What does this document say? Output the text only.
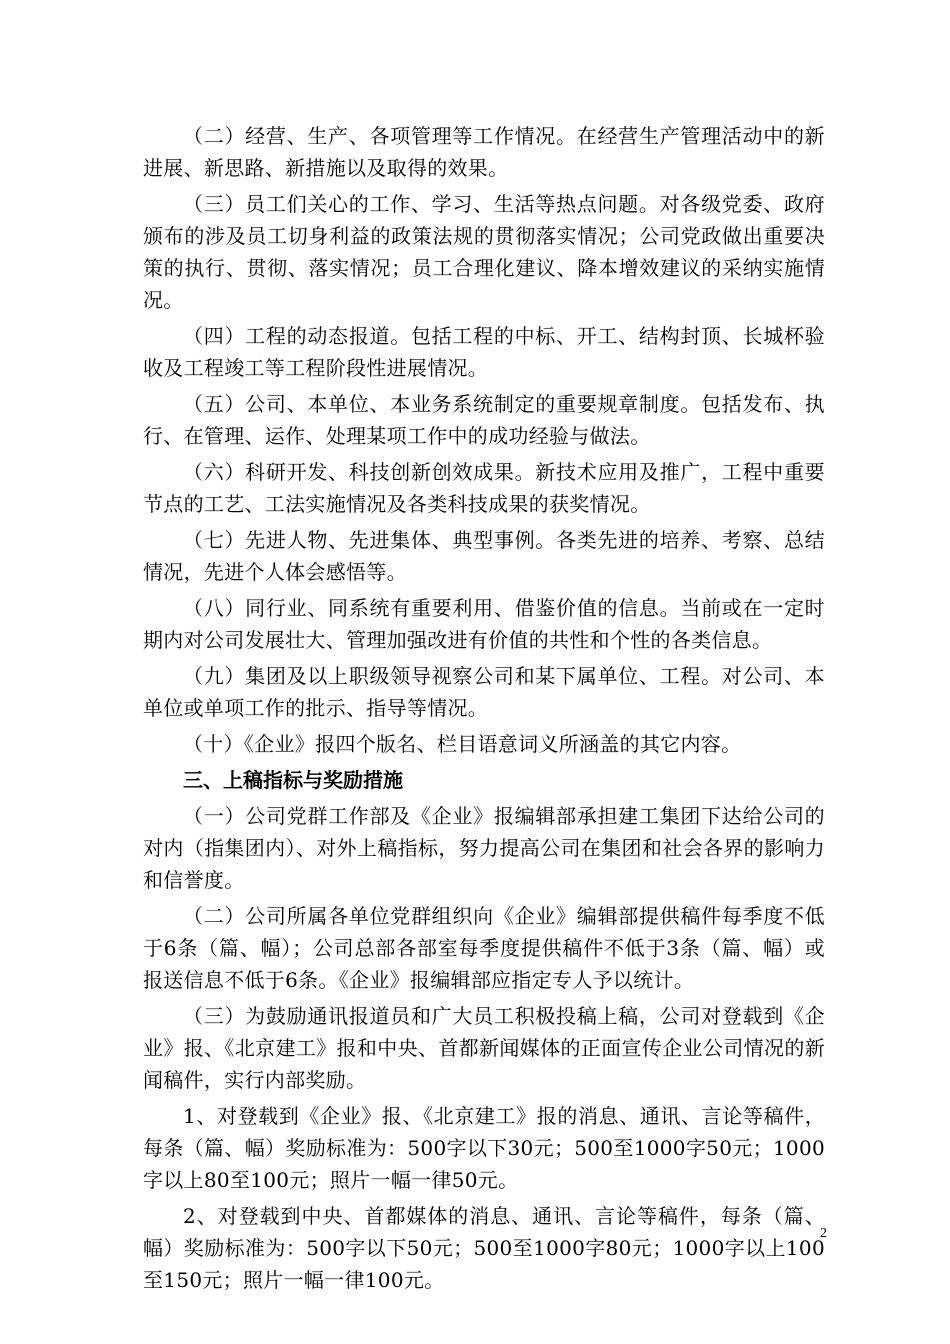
（二）经营、生产、各项管理等工作情况。在经营生产管理活动中的新进展、新思路、新措施以及取得的效果。

（三）员工们关心的工作、学习、生活等热点问题。对各级党委、政府颁布的涉及员工切身利益的政策法规的贯彻落实情况；公司党政做出重要决策的执行、贯彻、落实情况；员工合理化建议、降本增效建议的采纳实施情况。

（四）工程的动态报道。包括工程的中标、开工、结构封顶、长城杯验收及工程竣工等工程阶段性进展情况。

（五）公司、本单位、本业务系统制定的重要规章制度。包括发布、执行、在管理、运作、处理某项工作中的成功经验与做法。

（六）科研开发、科技创新创效成果。新技术应用及推广，工程中重要节点的工艺、工法实施情况及各类科技成果的获奖情况。

（七）先进人物、先进集体、典型事例。各类先进的培养、考察、总结情况，先进个人体会感悟等。

（八）同行业、同系统有重要利用、借鉴价值的信息。当前或在一定时期内对公司发展壮大、管理加强改进有价值的共性和个性的各类信息。

（九）集团及以上职级领导视察公司和某下属单位、工程。对公司、本单位或单项工作的批示、指导等情况。

（十）《企业》报四个版名、栏目语意词义所涵盖的其它内容。

三、上稿指标与奖励措施

（一）公司党群工作部及《企业》报编辑部承担建工集团下达给公司的对内（指集团内）、对外上稿指标，努力提高公司在集团和社会各界的影响力和信誉度。

（二）公司所属各单位党群组织向《企业》编辑部提供稿件每季度不低于6条（篇、幅）；公司总部各部室每季度提供稿件不低于3条（篇、幅）或报送信息不低于6条。《企业》报编辑部应指定专人予以统计。

（三）为鼓励通讯报道员和广大员工积极投稿上稿，公司对登载到《企业》报、《北京建工》报和中央、首都新闻媒体的正面宣传企业公司情况的新闻稿件，实行内部奖励。

1、对登载到《企业》报、《北京建工》报的消息、通讯、言论等稿件，每条（篇、幅）奖励标准为：500字以下30元；500至1000字50元；1000字以上80至100元；照片一幅一律50元。

2、对登载到中央、首都媒体的消息、通讯、言论等稿件，每条（篇、幅）奖励标准为：500字以下50元；500至1000字80元；1000字以上100至150元；照片一幅一律100元。

2
